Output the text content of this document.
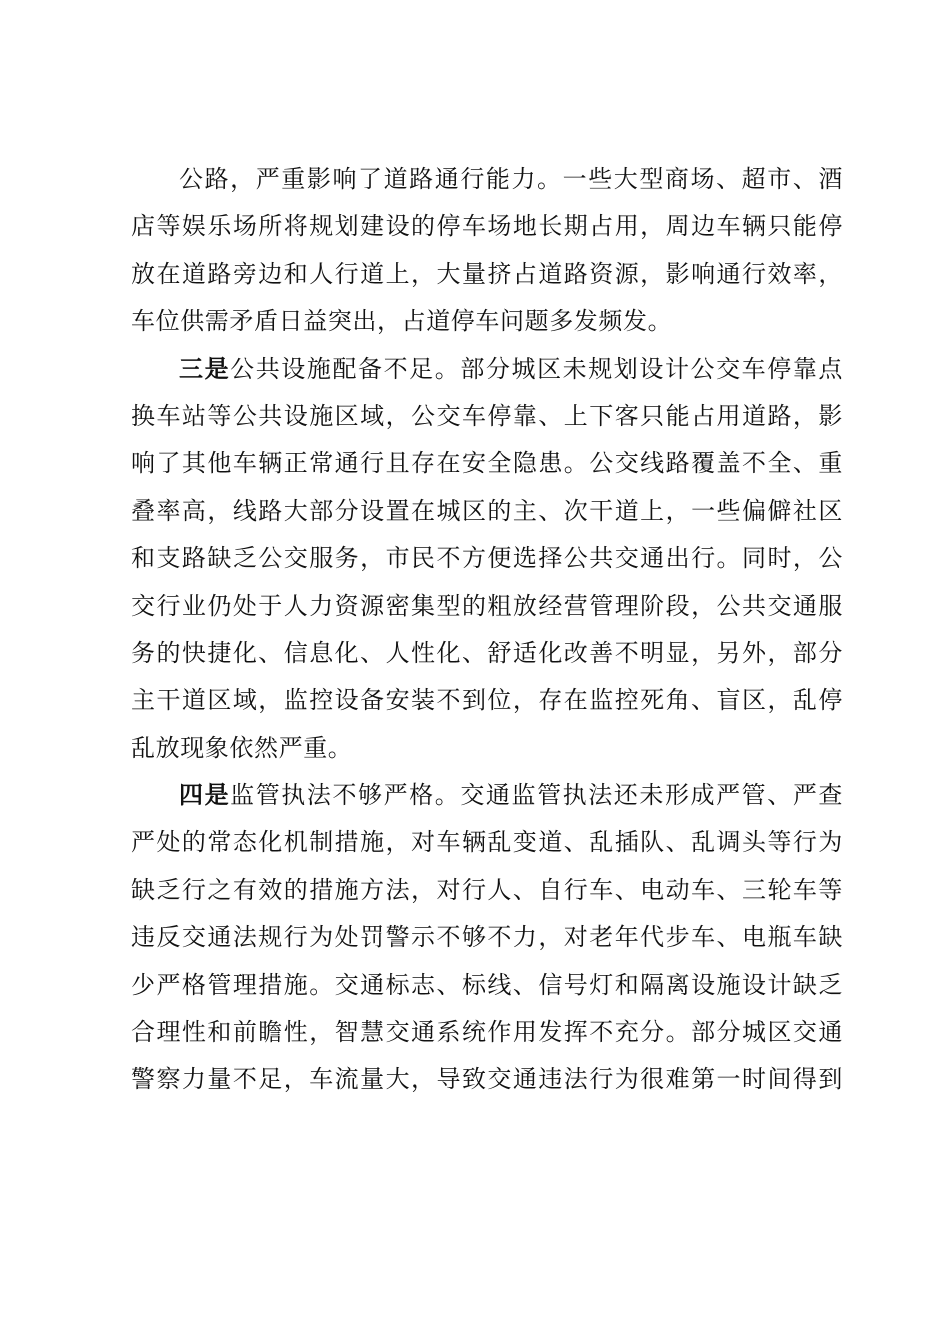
公路，严重影响了道路通行能力。一些大型商场、超市、酒
店等娱乐场所将规划建设的停车场地长期占用，周边车辆只能停
放在道路旁边和人行道上，大量挤占道路资源，影响通行效率，
车位供需矛盾日益突出，占道停车问题多发频发。
三是公共设施配备不足。部分城区未规划设计公交车停靠点
换车站等公共设施区域，公交车停靠、上下客只能占用道路，影
响了其他车辆正常通行且存在安全隐患。公交线路覆盖不全、重
叠率高，线路大部分设置在城区的主、次干道上，一些偏僻社区
和支路缺乏公交服务，市民不方便选择公共交通出行。同时，公
交行业仍处于人力资源密集型的粗放经营管理阶段，公共交通服
务的快捷化、信息化、人性化、舒适化改善不明显，另外，部分
主干道区域，监控设备安装不到位，存在监控死角、盲区，乱停
乱放现象依然严重。
四是监管执法不够严格。交通监管执法还未形成严管、严查
严处的常态化机制措施，对车辆乱变道、乱插队、乱调头等行为
缺乏行之有效的措施方法，对行人、自行车、电动车、三轮车等
违反交通法规行为处罚警示不够不力，对老年代步车、电瓶车缺
少严格管理措施。交通标志、标线、信号灯和隔离设施设计缺乏
合理性和前瞻性，智慧交通系统作用发挥不充分。部分城区交通
警察力量不足，车流量大，导致交通违法行为很难第一时间得到
